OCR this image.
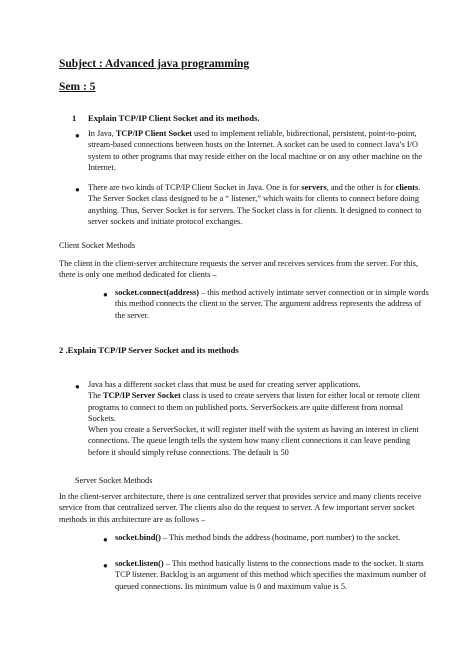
Subject : Advanced java programming
Sem : 5
1 Explain TCP/IP Client Socket and its methods.
● In Java, TCP/IP Client Socket used to implement reliable, bidirectional, persistent, point-to-point, stream-based connections between hosts on the Internet. A socket can be used to connect Java’s I/O system to other programs that may reside either on the local machine or on any other machine on the Internet.
● There are two kinds of TCP/IP Client Socket in Java. One is for servers, and the other is for clients. The Server Socket class designed to be a “ listener,” which waits for clients to connect before doing anything. Thus, Server Socket is for servers. The Socket class is for clients. It designed to connect to server sockets and initiate protocol exchanges.
Client Socket Methods
The client in the client-server architecture requests the server and receives services from the server. For this, there is only one method dedicated for clients –
● socket.connect(address) – this method actively intimate server connection or in simple words this method connects the client to the server. The argument address represents the address of the server.
2 .Explain TCP/IP Server Socket and its methods
● Java has a different socket class that must be used for creating server applications.
The TCP/IP Server Socket class is used to create servers that listen for either local or remote client programs to connect to them on published ports. ServerSockets are quite different from normal Sockets.
When you create a ServerSocket, it will register itself with the system as having an interest in client connections. The queue length tells the system how many client connections it can leave pending before it should simply refuse connections. The default is 50
Server Socket Methods
In the client-server architecture, there is one centralized server that provides service and many clients receive service from that centralized server. The clients also do the request to server. A few important server socket methods in this architecture are as follows –
● socket.bind() – This method binds the address (hostname, port number) to the socket.
● socket.listen() – This method basically listens to the connections made to the socket. It starts TCP listener. Backlog is an argument of this method which specifies the maximum number of queued connections. Its minimum value is 0 and maximum value is 5.
